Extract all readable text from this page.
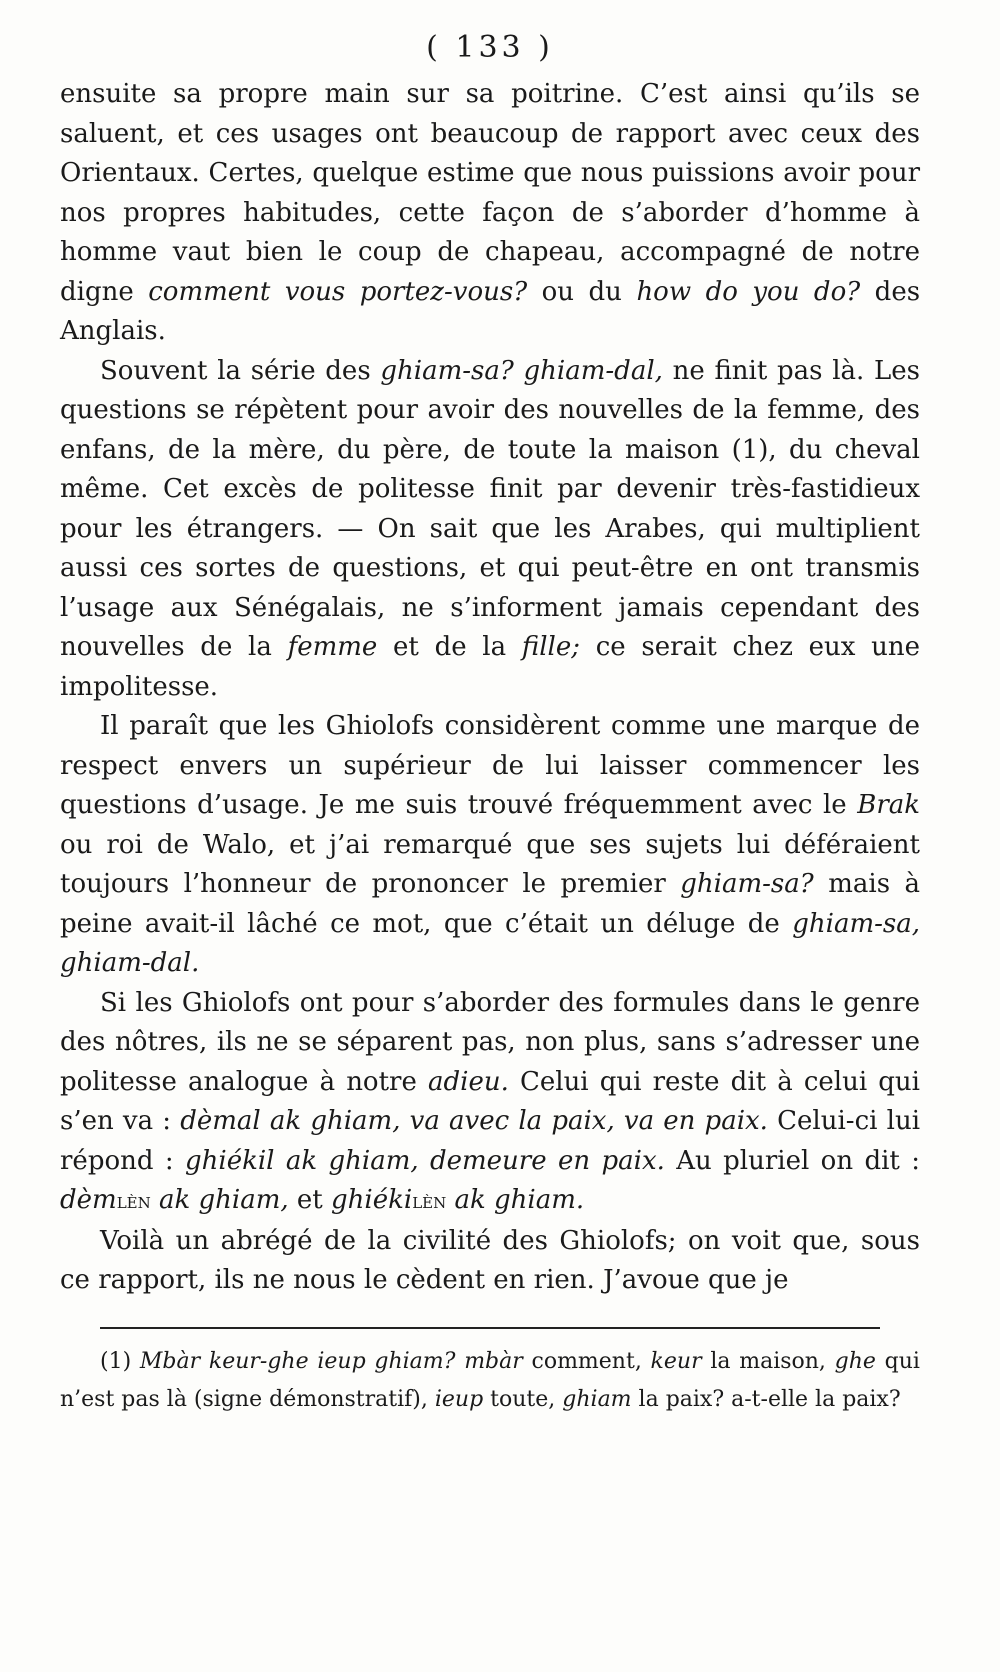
( 133 )

ensuite sa propre main sur sa poitrine. C’est ainsi qu’ils se saluent, et ces usages ont beaucoup de rapport avec ceux des Orientaux. Certes, quelque estime que nous puissions avoir pour nos propres habitudes, cette façon de s’aborder d’homme à homme vaut bien le coup de chapeau, accompagné de notre digne comment vous portez-vous? ou du how do you do? des Anglais.

Souvent la série des ghiam-sa? ghiam-dal, ne finit pas là. Les questions se répètent pour avoir des nouvelles de la femme, des enfans, de la mère, du père, de toute la maison (1), du cheval même. Cet excès de politesse finit par devenir très-fastidieux pour les étrangers. — On sait que les Arabes, qui multiplient aussi ces sortes de questions, et qui peut-être en ont transmis l’usage aux Sénégalais, ne s’informent jamais cependant des nouvelles de la femme et de la fille; ce serait chez eux une impolitesse.

Il paraît que les Ghiolofs considèrent comme une marque de respect envers un supérieur de lui laisser commencer les questions d’usage. Je me suis trouvé fréquemment avec le Brak ou roi de Walo, et j’ai remarqué que ses sujets lui déféraient toujours l’honneur de prononcer le premier ghiam-sa? mais à peine avait-il lâché ce mot, que c’était un déluge de ghiam-sa, ghiam-dal.

Si les Ghiolofs ont pour s’aborder des formules dans le genre des nôtres, ils ne se séparent pas, non plus, sans s’adresser une politesse analogue à notre adieu. Celui qui reste dit à celui qui s’en va : dèmal ak ghiam, va avec la paix, va en paix. Celui-ci lui répond : ghiékil ak ghiam, demeure en paix. Au pluriel on dit : dèmlèn ak ghiam, et ghiékilèn ak ghiam.

Voilà un abrégé de la civilité des Ghiolofs; on voit que, sous ce rapport, ils ne nous le cèdent en rien. J’avoue que je

(1) Mbàr keur-ghe ieup ghiam? mbàr comment, keur la maison, ghe qui n’est pas là (signe démonstratif), ieup toute, ghiam la paix? a-t-elle la paix?
